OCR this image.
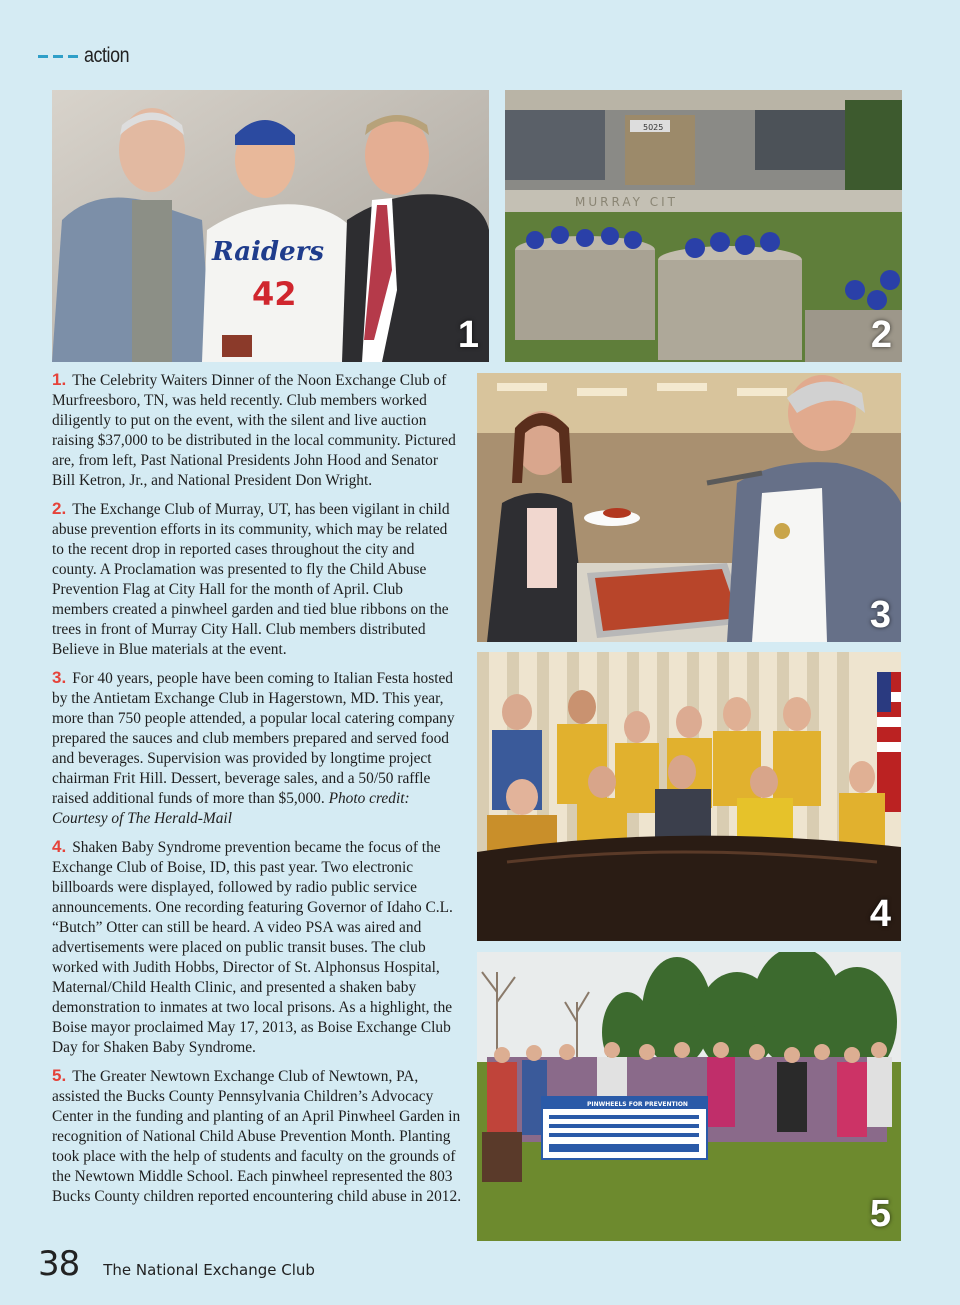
action
Raiders
42
1
5025
MURRAY CIT
2
3
4
PINWHEELS FOR PREVENTION
5

1. The Celebrity Waiters Dinner of the Noon Exchange Club of Murfreesboro, TN, was held recently. Club members worked diligently to put on the event, with the silent and live auction raising $37,000 to be distributed in the local community. Pictured are, from left, Past National Presidents John Hood and Senator Bill Ketron, Jr., and National President Don Wright.

2. The Exchange Club of Murray, UT, has been vigilant in child abuse prevention efforts in its community, which may be related to the recent drop in reported cases throughout the city and county. A Proclamation was presented to fly the Child Abuse Prevention Flag at City Hall for the month of April. Club members created a pinwheel garden and tied blue ribbons on the trees in front of Murray City Hall. Club members distributed Believe in Blue materials at the event.

3. For 40 years, people have been coming to Italian Festa hosted by the Antietam Exchange Club in Hagerstown, MD. This year, more than 750 people attended, a popular local catering company prepared the sauces and club members prepared and served food and beverages. Supervision was provided by longtime project chairman Frit Hill. Dessert, beverage sales, and a 50/50 raffle raised additional funds of more than $5,000. Photo credit: Courtesy of The Herald-Mail

4. Shaken Baby Syndrome prevention became the focus of the Exchange Club of Boise, ID, this past year. Two electronic billboards were displayed, followed by radio public service announcements. One recording featuring Governor of Idaho C.L. “Butch” Otter can still be heard. A video PSA was aired and advertisements were placed on public transit buses. The club worked with Judith Hobbs, Director of St. Alphonsus Hospital, Maternal/Child Health Clinic, and presented a shaken baby demonstration to inmates at two local prisons. As a highlight, the Boise mayor proclaimed May 17, 2013, as Boise Exchange Club Day for Shaken Baby Syndrome.

5. The Greater Newtown Exchange Club of Newtown, PA, assisted the Bucks County Pennsylvania Children’s Advocacy Center in the funding and planting of an April Pinwheel Garden in recognition of National Child Abuse Prevention Month. Planting took place with the help of students and faculty on the grounds of the Newtown Middle School. Each pinwheel represented the 803 Bucks County children reported encountering child abuse in 2012.

38 The National Exchange Club
